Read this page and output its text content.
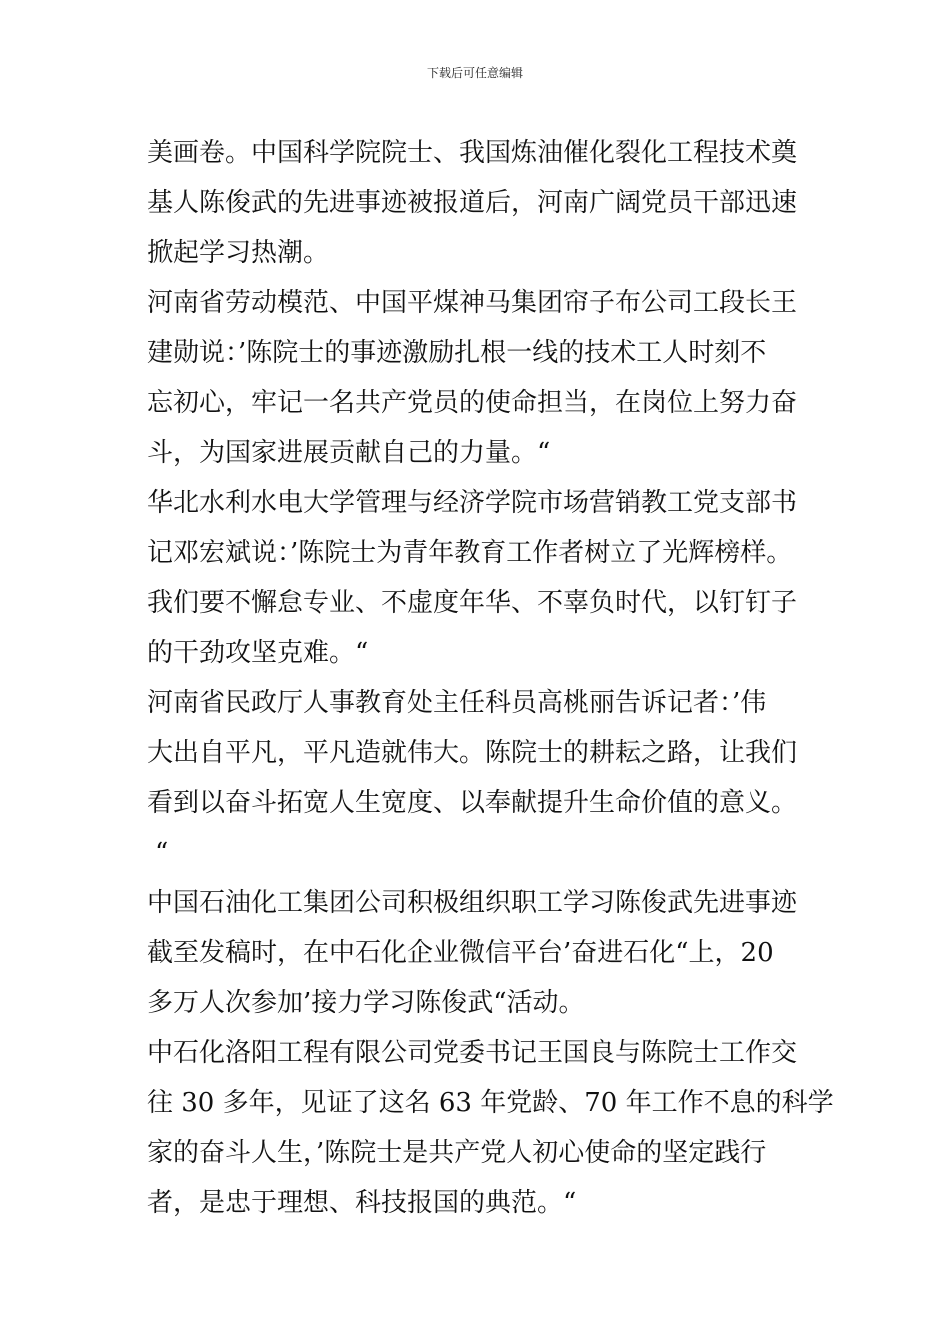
下载后可任意编辑
美画卷。中国科学院院士、我国炼油催化裂化工程技术奠
基人陈俊武的先进事迹被报道后，河南广阔党员干部迅速
掀起学习热潮。
河南省劳动模范、中国平煤神马集团帘子布公司工段长王
建勋说：’陈院士的事迹激励扎根一线的技术工人时刻不
忘初心，牢记一名共产党员的使命担当，在岗位上努力奋
斗，为国家进展贡献自己的力量。“
华北水利水电大学管理与经济学院市场营销教工党支部书
记邓宏斌说：’陈院士为青年教育工作者树立了光辉榜样。
我们要不懈怠专业、不虚度年华、不辜负时代，以钉钉子
的干劲攻坚克难。“
河南省民政厅人事教育处主任科员高桃丽告诉记者：’伟
大出自平凡，平凡造就伟大。陈院士的耕耘之路，让我们
看到以奋斗拓宽人生宽度、以奉献提升生命价值的意义。
“
中国石油化工集团公司积极组织职工学习陈俊武先进事迹
截至发稿时，在中石化企业微信平台’奋进石化“上，20
多万人次参加’接力学习陈俊武“活动。
中石化洛阳工程有限公司党委书记王国良与陈院士工作交
往 30 多年，见证了这名 63 年党龄、70 年工作不息的科学
家的奋斗人生，’陈院士是共产党人初心使命的坚定践行
者，是忠于理想、科技报国的典范。“
